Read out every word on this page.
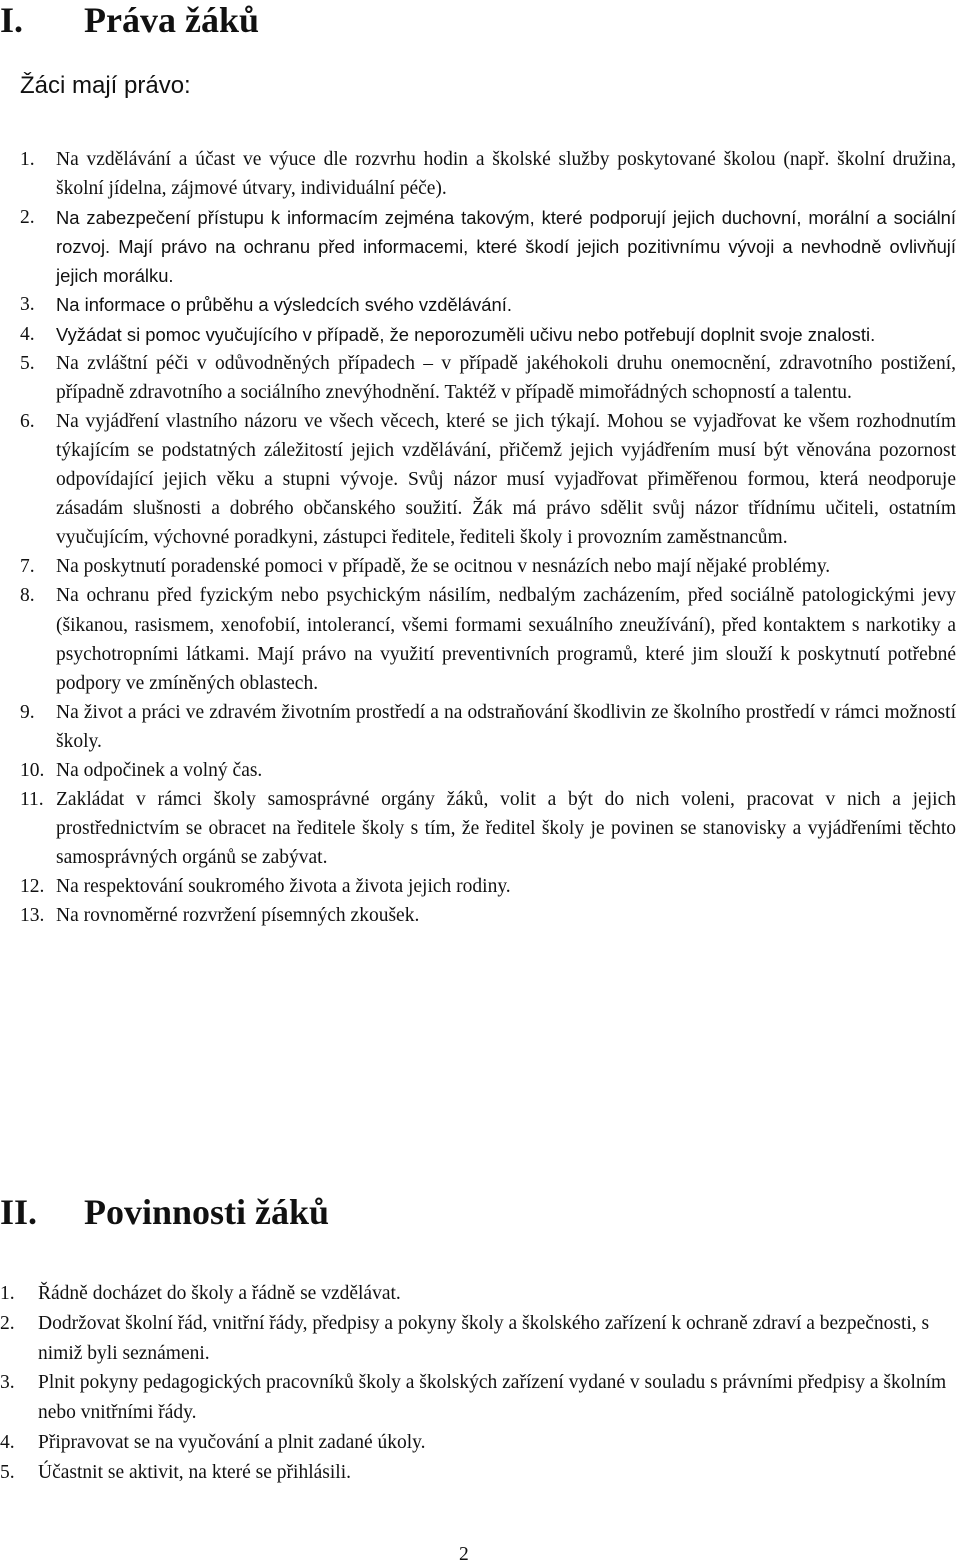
I. Práva žáků

Žáci mají právo:

1. Na vzdělávání a účast ve výuce dle rozvrhu hodin a školské služby poskytované školou (např. školní družina, školní jídelna, zájmové útvary, individuální péče).
2. Na zabezpečení přístupu k informacím zejména takovým, které podporují jejich duchovní, morální a sociální rozvoj. Mají právo na ochranu před informacemi, které škodí jejich pozitivnímu vývoji a nevhodně ovlivňují jejich morálku.
3. Na informace o průběhu a výsledcích svého vzdělávání.
4. Vyžádat si pomoc vyučujícího v případě, že neporozuměli učivu nebo potřebují doplnit svoje znalosti.
5. Na zvláštní péči v odůvodněných případech – v případě jakéhokoli druhu onemocnění, zdravotního postižení, případně zdravotního a sociálního znevýhodnění. Taktéž v případě mimořádných schopností a talentu.
6. Na vyjádření vlastního názoru ve všech věcech, které se jich týkají. Mohou se vyjadřovat ke všem rozhodnutím týkajícím se podstatných záležitostí jejich vzdělávání, přičemž jejich vyjádřením musí být věnována pozornost odpovídající jejich věku a stupni vývoje. Svůj názor musí vyjadřovat přiměřenou formou, která neodporuje zásadám slušnosti a dobrého občanského soužití. Žák má právo sdělit svůj názor třídnímu učiteli, ostatním vyučujícím, výchovné poradkyni, zástupci ředitele, řediteli školy i provozním zaměstnancům.
7. Na poskytnutí poradenské pomoci v případě, že se ocitnou v nesnázích nebo mají nějaké problémy.
8. Na ochranu před fyzickým nebo psychickým násilím, nedbalým zacházením, před sociálně patologickými jevy (šikanou, rasismem, xenofobií, intolerancí, všemi formami sexuálního zneužívání), před kontaktem s narkotiky a psychotropními látkami. Mají právo na využití preventivních programů, které jim slouží k poskytnutí potřebné podpory ve zmíněných oblastech.
9. Na život a práci ve zdravém životním prostředí a na odstraňování škodlivin ze školního prostředí v rámci možností školy.
10. Na odpočinek a volný čas.
11. Zakládat v rámci školy samosprávné orgány žáků, volit a být do nich voleni, pracovat v nich a jejich prostřednictvím se obracet na ředitele školy s tím, že ředitel školy je povinen se stanovisky a vyjádřeními těchto samosprávných orgánů se zabývat.
12. Na respektování soukromého života a života jejich rodiny.
13. Na rovnoměrné rozvržení písemných zkoušek.
II. Povinnosti žáků
1. Řádně docházet do školy a řádně se vzdělávat.
2. Dodržovat školní řád, vnitřní řády, předpisy a pokyny školy a školského zařízení k ochraně zdraví a bezpečnosti, s nimiž byli seznámeni.
3. Plnit pokyny pedagogických pracovníků školy a školských zařízení vydané v souladu s právními předpisy a školním nebo vnitřními řády.
4. Připravovat se na vyučování a plnit zadané úkoly.
5. Účastnit se aktivit, na které se přihlásili.
2
